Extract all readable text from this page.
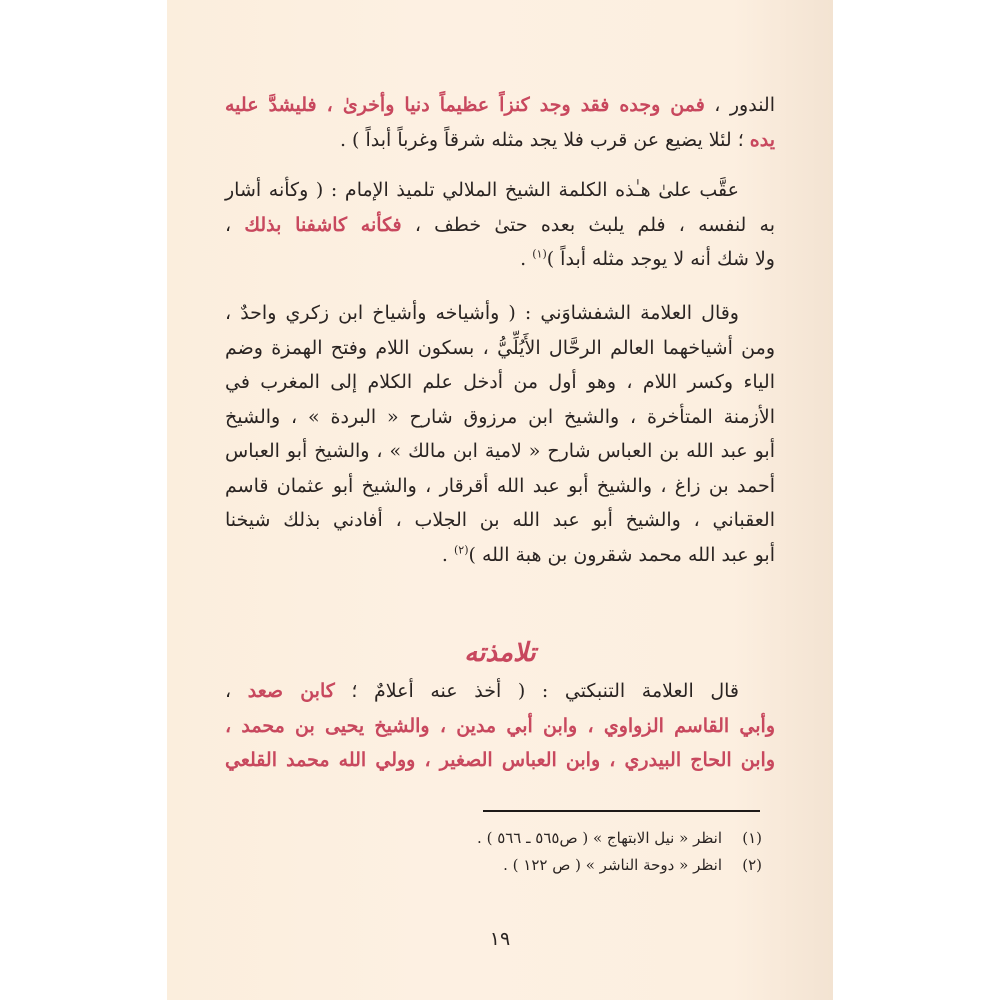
الندور ، فمن وجده فقد وجد كنزاً عظيماً دنيا وأخرىٰ ، فليشدَّ عليه
يده ؛ لئلا يضيع عن قرب فلا يجد مثله شرقاً وغرباً أبداً ) .
عقَّب علىٰ هـٰذه الكلمة الشيخ الملالي تلميذ الإمام : ( وكأنه أشار
به لنفسه ، فلم يلبث بعده حتىٰ خطف ، فكأنه كاشفنا بذلك ،
ولا شك أنه لا يوجد مثله أبداً )$^{(١)}$ .
وقال العلامة الشفشاوَني : ( وأشياخه وأشياخ ابن زكري واحدٌ ،
ومن أشياخهما العالم الرحَّال الأَيُلِّيُّ ، بسكون اللام وفتح الهمزة وضم
الياء وكسر اللام ، وهو أول من أدخل علم الكلام إلى المغرب في
الأزمنة المتأخرة ، والشيخ ابن مرزوق شارح « البردة » ، والشيخ
أبو عبد الله بن العباس شارح « لامية ابن مالك » ، والشيخ أبو العباس
أحمد بن زاغ ، والشيخ أبو عبد الله أقرقار ، والشيخ أبو عثمان قاسم
العقباني ، والشيخ أبو عبد الله بن الجلاب ، أفادني بذلك شيخنا
أبو عبد الله محمد شقرون بن هبة الله )$^{(٢)}$ .
تلامذته
قال العلامة التنبكتي : ( أخذ عنه أعلامٌ ؛ كابن صعد ،
وأبي القاسم الزواوي ، وابن أبي مدين ، والشيخ يحيى بن محمد ،
وابن الحاج البيدري ، وابن العباس الصغير ، وولي الله محمد القلعي
(١)انظر « نيل الابتهاج » ( ص٥٦٥ ـ ٥٦٦ ) .
(٢)انظر « دوحة الناشر » ( ص ١٢٢ ) .
١٩
